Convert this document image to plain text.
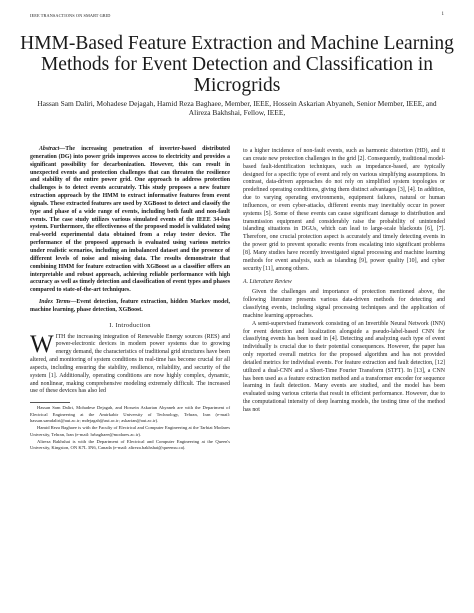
IEEE TRANSACTIONS ON SMART GRID	1
HMM-Based Feature Extraction and Machine Learning Methods for Event Detection and Classification in Microgrids
Hassan Sam Daliri, Mohadese Dejagah, Hamid Reza Baghaee, Member, IEEE, Hossein Askarian Abyaneh, Senior Member, IEEE, and Alireza Bakhshai, Fellow, IEEE,

Abstract—The increasing penetration of inverter-based distributed generation (DG) into power grids improves access to electricity and provides a significant possibility for decarbonization. However, this can result in unexpected events and protection challenges that can threaten the resilience and stability of the entire power grid. One approach to address protection challenges is to detect events accurately. This study proposes a new feature extraction approach by the HMM to extract informative features from event signals. These extracted features are used by XGBoost to detect and classify the type and phase of a wide range of events, including both fault and non-fault events. The case study utilizes various simulated events of the IEEE 34-bus system. Furthermore, the effectiveness of the proposed model is validated using real-world experimental data obtained from a relay tester device. The performance of the proposed approach is evaluated using various metrics under realistic scenarios, including an imbalanced dataset and the presence of different levels of noise and missing data. The results demonstrate that combining HMM for feature extraction with XGBoost as a classifier offers an interpretable and robust approach, achieving reliable performance with high accuracy as well as timely detection and classification of event types and phases compared to state-of-the-art techniques.

Index Terms—Event detection, feature extraction, hidden Markov model, machine learning, phase detection, XGBoost.

I. Introduction

WITH the increasing integration of Renewable Energy sources (RES) and power-electronic devices in modern power systems due to growing energy demand, the characteristics of traditional grid structures have been altered, and monitoring of system conditions in real-time has become crucial for all aspects, including ensuring the stability, resilience, reliability, and security of the system [1]. Additionally, operating conditions are now highly complex, dynamic, and nonlinear, making comprehensive modeling extremely difficult. The increased use of these devices has also led

Hassan Sam Daliri, Mohadese Dejagah, and Hossein Askarian Abyaneh are with the Department of Electrical Engineering at the Amirkabir University of Technology, Tehran, Iran (e-mail: hassan.samdaliri@aut.ac.ir; mdejagah@aut.ac.ir; askarian@aut.ac.ir).

Hamid Reza Baghaee is with the Faculty of Electrical and Computer Engineering at the Tarbiat Modares University, Tehran, Iran (e-mail: hrbaghaee@modares.ac.ir).

Alireza Bakhshai is with the Department of Electrical and Computer Engineering at the Queen's University, Kingston, ON K7L 3N6, Canada (e-mail: alireza.bakhshai@queensu.ca).

to a higher incidence of non-fault events, such as harmonic distortion (HD), and it can create new protection challenges in the grid [2]. Consequently, traditional model-based fault-identification techniques, such as impedance-based, are typically designed for a specific type of event and rely on various simplifying assumptions. In contrast, data-driven approaches do not rely on simplified system topologies or predefined operating conditions, giving them distinct advantages [3], [4]. In addition, due to varying operating environments, equipment failures, natural or human influences, or even cyber-attacks, different events may inevitably occur in power systems [5]. Some of these events can cause significant damage to distribution and transmission equipment and considerably raise the probability of unintended islanding situations in DGUs, which can lead to large-scale blackouts [6], [7]. Therefore, one crucial protection aspect is accurately and timely detecting events in the power grid to prevent sporadic events from escalating into significant problems [8]. Many studies have recently investigated signal processing and machine learning methods for event analysis, such as islanding [9], power quality [10], and cyber security [11], among others.

A. Literature Review

Given the challenges and importance of protection mentioned above, the following literature presents various data-driven methods for detecting and classifying events, including signal processing techniques and the application of machine learning approaches.

A semi-supervised framework consisting of an Invertible Neural Network (INN) for event detection and localization alongside a pseudo-label-based CNN for classifying events has been used in [4]. Detecting and analyzing each type of event individually is crucial due to their potential consequences. However, the paper has only reported overall metrics for the proposed algorithm and has not provided detailed metrics for individual events. For feature extraction and fault detection, [12] utilized a dual-CNN and a Short-Time Fourier Transform (STFT). In [13], a CNN has been used as a feature extraction method and a transformer encoder for sequence learning in fault detection. Many events are studied, and the model has been evaluated using various criteria that result in efficient performance. However, due to the computational intensity of deep learning models, the testing time of the method has not
